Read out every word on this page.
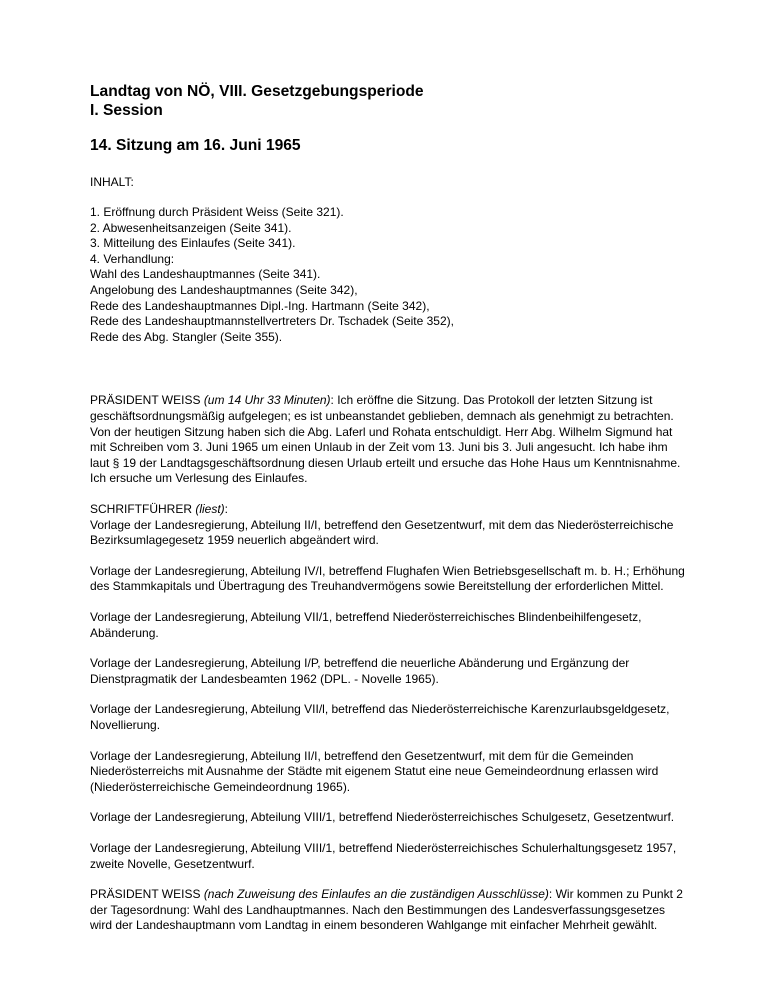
Landtag von NÖ, VIII. Gesetzgebungsperiode

I. Session

14. Sitzung am 16. Juni 1965

INHALT:

1. Eröffnung durch Präsident Weiss (Seite 321).
2. Abwesenheitsanzeigen (Seite 341).
3. Mitteilung des Einlaufes (Seite 341).
4. Verhandlung:
Wahl des Landeshauptmannes (Seite 341).
Angelobung des Landeshauptmannes (Seite 342),
Rede des Landeshauptmannes Dipl.-Ing. Hartmann (Seite 342),
Rede des Landeshauptmannstellvertreters Dr. Tschadek (Seite 352),
Rede des Abg. Stangler (Seite 355).

PRÄSIDENT WEISS (um 14 Uhr 33 Minuten): Ich eröffne die Sitzung. Das Protokoll der letzten Sitzung ist geschäftsordnungsmäßig aufgelegen; es ist unbeanstandet geblieben, demnach als genehmigt zu betrachten.

Von der heutigen Sitzung haben sich die Abg. Laferl und Rohata entschuldigt. Herr Abg. Wilhelm Sigmund hat mit Schreiben vom 3. Juni 1965 um einen Unlaub in der Zeit vom 13. Juni bis 3. Juli angesucht. Ich habe ihm laut § 19 der Landtagsgeschäftsordnung diesen Urlaub erteilt und ersuche das Hohe Haus um Kenntnisnahme.

Ich ersuche um Verlesung des Einlaufes.

SCHRIFTFÜHRER (liest):

Vorlage der Landesregierung, Abteilung II/I, betreffend den Gesetzentwurf, mit dem das Niederösterreichische Bezirksumlagegesetz 1959 neuerlich abgeändert wird.

Vorlage der Landesregierung, Abteilung IV/I, betreffend Flughafen Wien Betriebsgesellschaft m. b. H.; Erhöhung des Stammkapitals und Übertragung des Treuhandvermögens sowie Bereitstellung der erforderlichen Mittel.

Vorlage der Landesregierung, Abteilung VII/1, betreffend Niederösterreichisches Blindenbeihilfengesetz, Abänderung.

Vorlage der Landesregierung, Abteilung I/P, betreffend die neuerliche Abänderung und Ergänzung der Dienstpragmatik der Landesbeamten 1962 (DPL. - Novelle 1965).

Vorlage der Landesregierung, Abteilung VII/l, betreffend das Niederösterreichische Karenzurlaubsgeldgesetz, Novellierung.

Vorlage der Landesregierung, Abteilung II/I, betreffend den Gesetzentwurf, mit dem für die Gemeinden Niederösterreichs mit Ausnahme der Städte mit eigenem Statut eine neue Gemeindeordnung erlassen wird (Niederösterreichische Gemeindeordnung 1965).

Vorlage der Landesregierung, Abteilung VIII/1, betreffend Niederösterreichisches Schulgesetz, Gesetzentwurf.

Vorlage der Landesregierung, Abteilung VIII/1, betreffend Niederösterreichisches Schulerhaltungsgesetz 1957, zweite Novelle, Gesetzentwurf.

PRÄSIDENT WEISS (nach Zuweisung des Einlaufes an die zuständigen Ausschlüsse): Wir kommen zu Punkt 2 der Tagesordnung: Wahl des Landhauptmannes. Nach den Bestimmungen des Landesverfassungsgesetzes wird der Landeshauptmann vom Landtag in einem besonderen Wahlgange mit einfacher Mehrheit gewählt.
